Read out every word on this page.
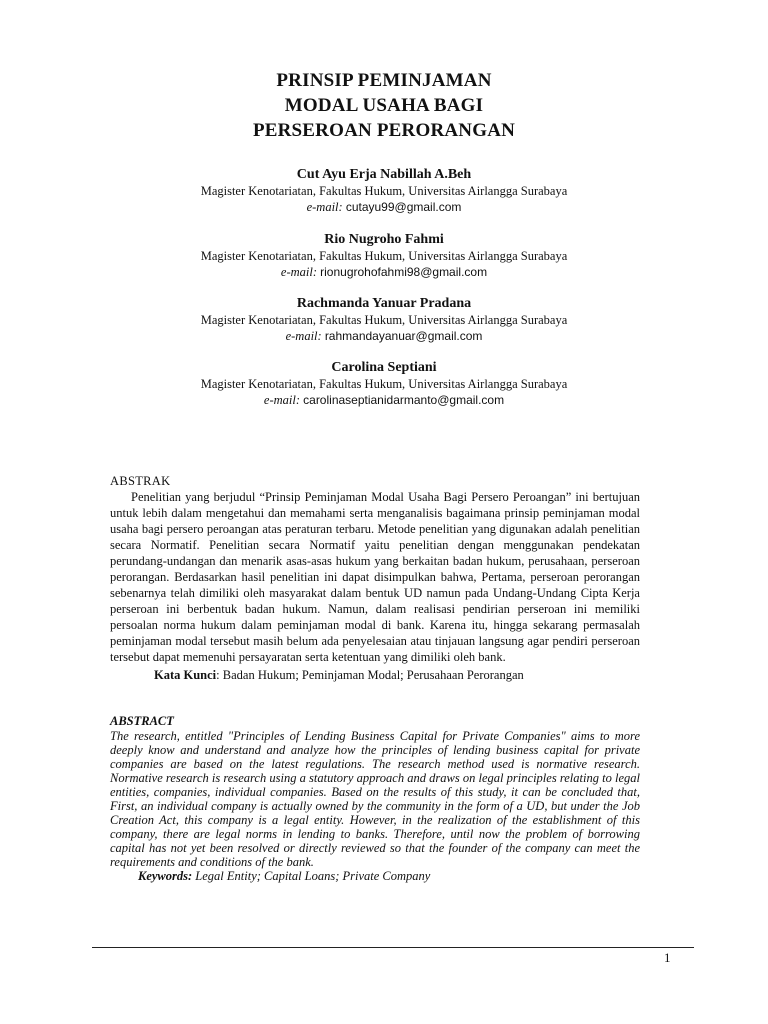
PRINSIP PEMINJAMAN
MODAL USAHA BAGI
PERSEROAN PERORANGAN
Cut Ayu Erja Nabillah A.Beh
Magister Kenotariatan, Fakultas Hukum, Universitas Airlangga Surabaya
e-mail: cutayu99@gmail.com
Rio Nugroho Fahmi
Magister Kenotariatan, Fakultas Hukum, Universitas Airlangga Surabaya
e-mail: rionugrohofahmi98@gmail.com
Rachmanda Yanuar Pradana
Magister Kenotariatan, Fakultas Hukum, Universitas Airlangga Surabaya
e-mail: rahmandayanuar@gmail.com
Carolina Septiani
Magister Kenotariatan, Fakultas Hukum, Universitas Airlangga Surabaya
e-mail: carolinaseptianidarmanto@gmail.com
ABSTRAK
Penelitian yang berjudul “Prinsip Peminjaman Modal Usaha Bagi Persero Peroangan” ini bertujuan untuk lebih dalam mengetahui dan memahami serta menganalisis bagaimana prinsip peminjaman modal usaha bagi persero peroangan atas peraturan terbaru. Metode penelitian yang digunakan adalah penelitian secara Normatif. Penelitian secara Normatif yaitu penelitian dengan menggunakan pendekatan perundang-undangan dan menarik asas-asas hukum yang berkaitan badan hukum, perusahaan, perseroan perorangan. Berdasarkan hasil penelitian ini dapat disimpulkan bahwa, Pertama, perseroan perorangan sebenarnya telah dimiliki oleh masyarakat dalam bentuk UD namun pada Undang-Undang Cipta Kerja perseroan ini berbentuk badan hukum. Namun, dalam realisasi pendirian perseroan ini memiliki persoalan norma hukum dalam peminjaman modal di bank. Karena itu, hingga sekarang permasalah peminjaman modal tersebut masih belum ada penyelesaian atau tinjauan langsung agar pendiri perseroan tersebut dapat memenuhi persayaratan serta ketentuan yang dimiliki oleh bank.
Kata Kunci: Badan Hukum; Peminjaman Modal; Perusahaan Perorangan
ABSTRACT
The research, entitled "Principles of Lending Business Capital for Private Companies" aims to more deeply know and understand and analyze how the principles of lending business capital for private companies are based on the latest regulations. The research method used is normative research. Normative research is research using a statutory approach and draws on legal principles relating to legal entities, companies, individual companies. Based on the results of this study, it can be concluded that, First, an individual company is actually owned by the community in the form of a UD, but under the Job Creation Act, this company is a legal entity. However, in the realization of the establishment of this company, there are legal norms in lending to banks. Therefore, until now the problem of borrowing capital has not yet been resolved or directly reviewed so that the founder of the company can meet the requirements and conditions of the bank.
Keywords: Legal Entity; Capital Loans; Private Company
1
